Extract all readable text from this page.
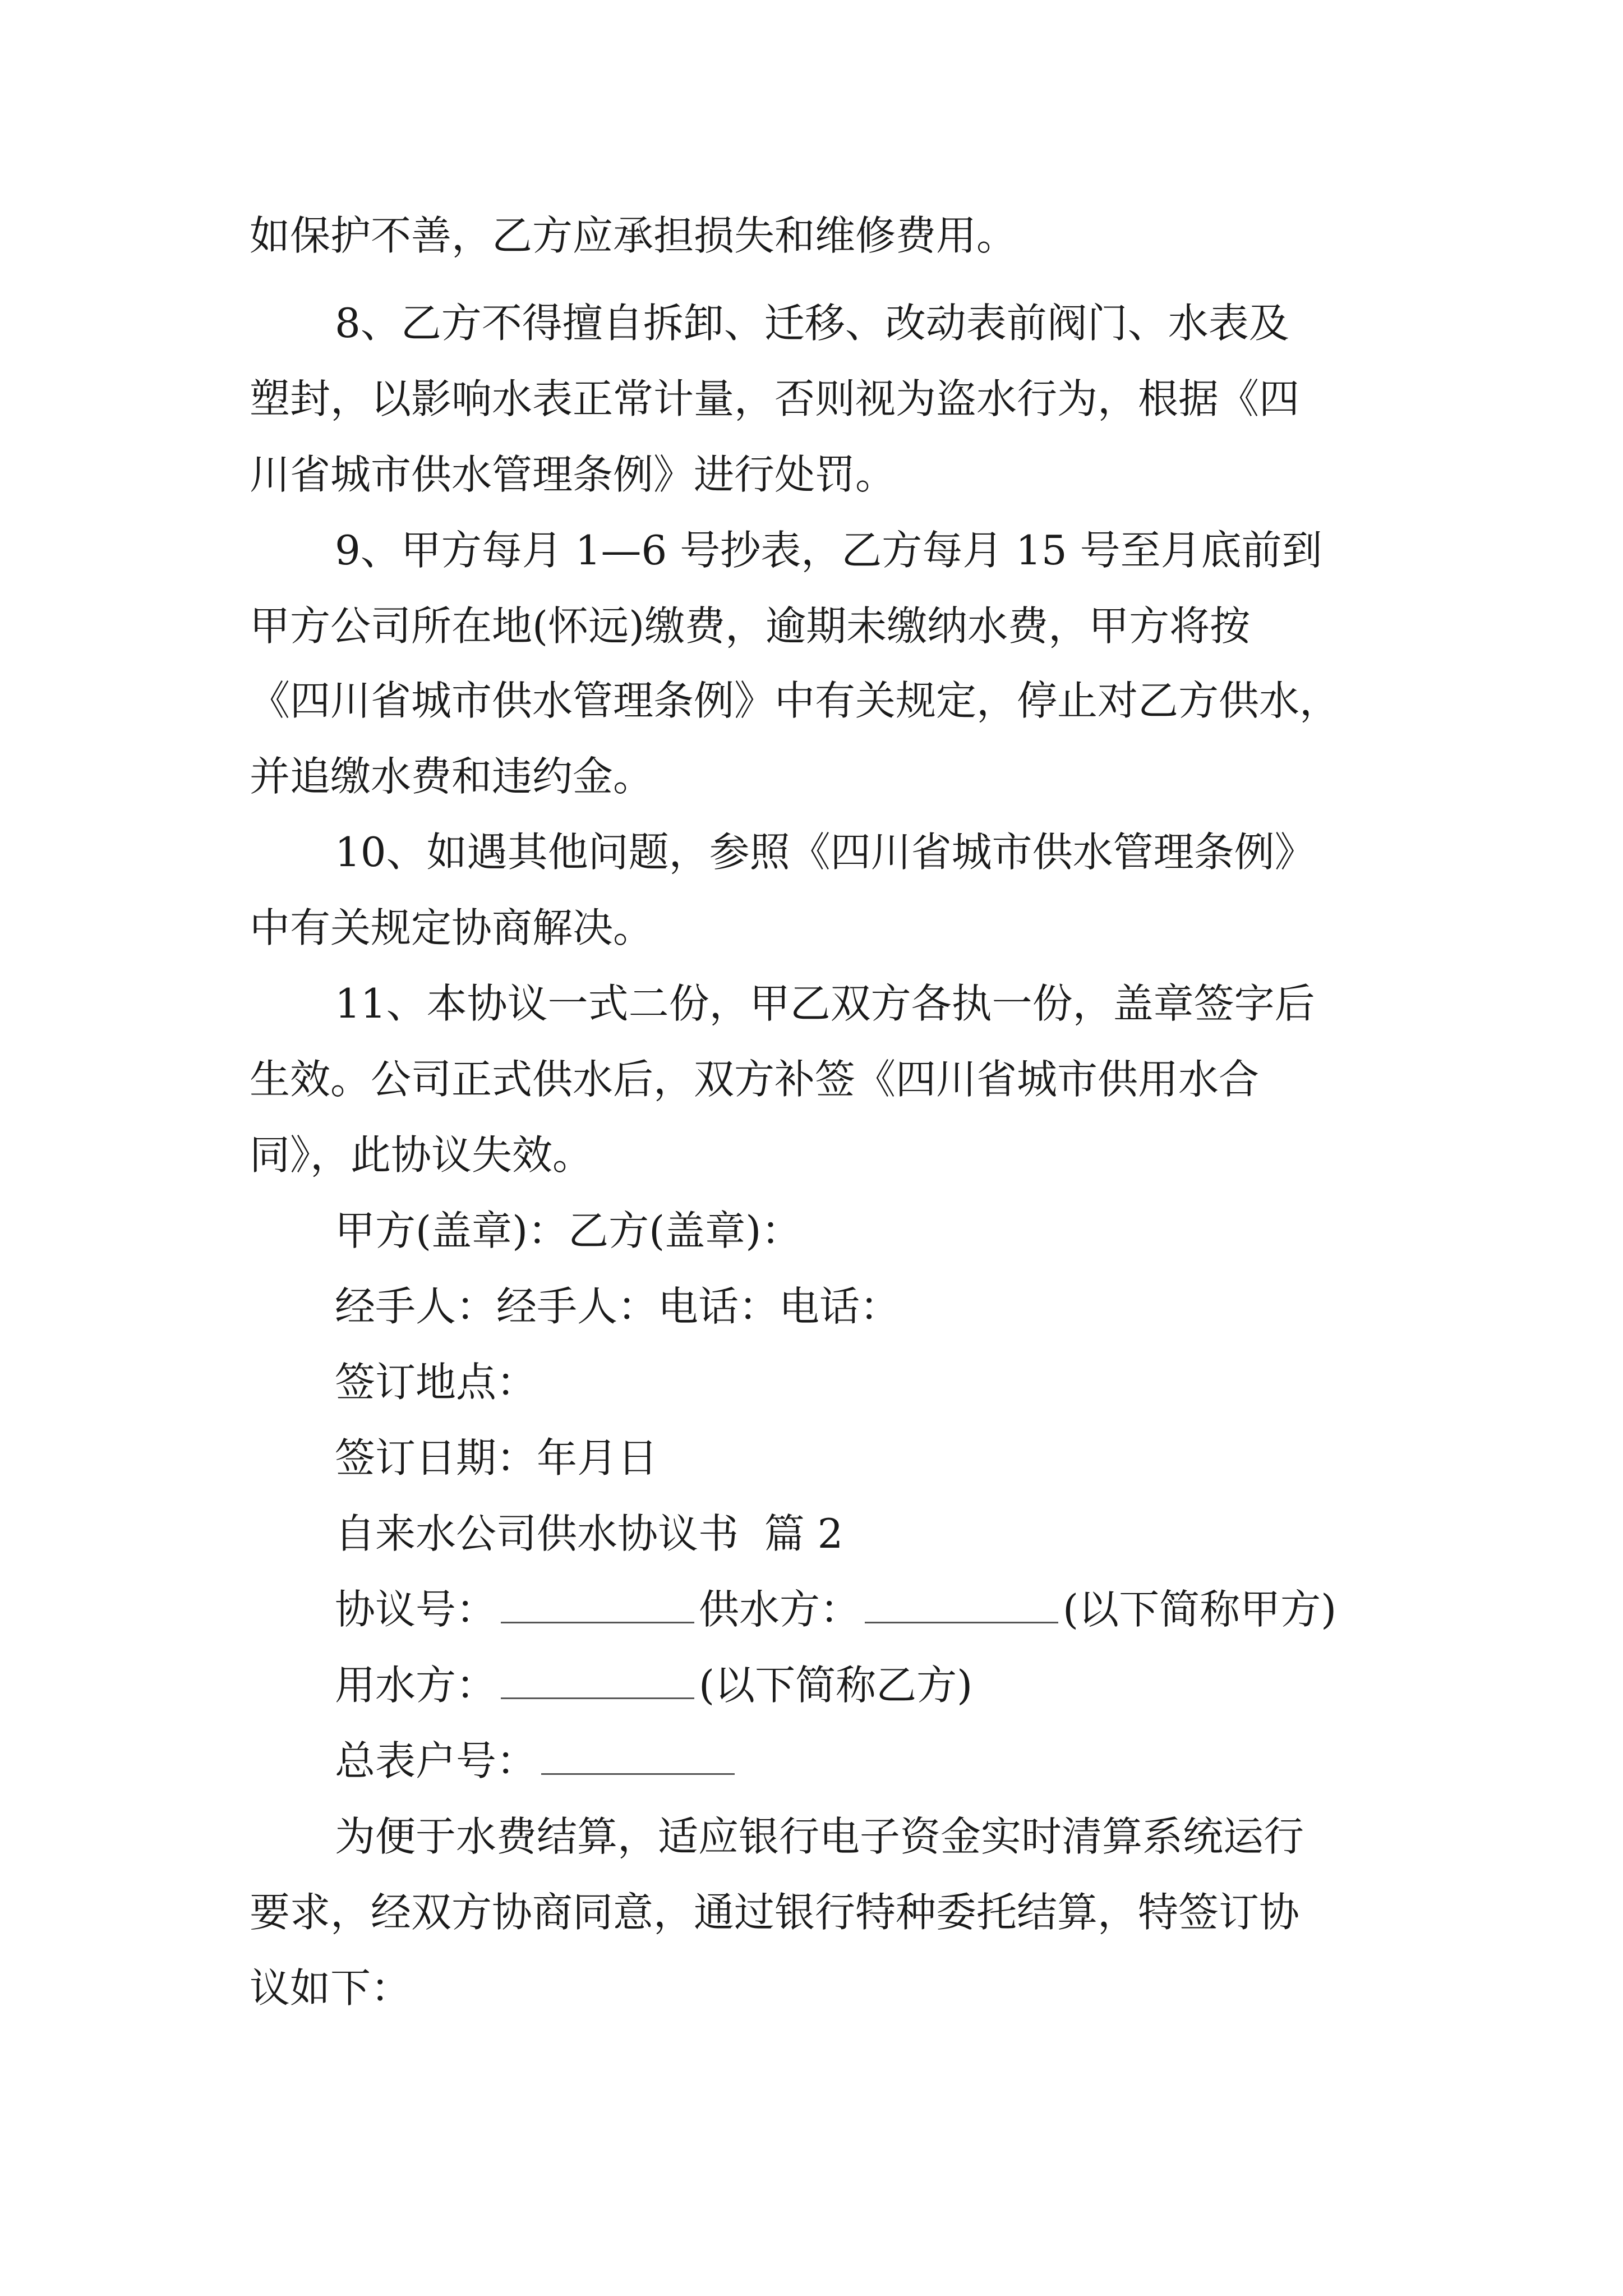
如保护不善，乙方应承担损失和维修费用。
8、乙方不得擅自拆卸、迁移、改动表前阀门、水表及
塑封，以影响水表正常计量，否则视为盗水行为，根据《四
川省城市供水管理条例》进行处罚。
9、甲方每月 1—6 号抄表，乙方每月 15 号至月底前到
甲方公司所在地(怀远)缴费，逾期未缴纳水费，甲方将按
《四川省城市供水管理条例》中有关规定，停止对乙方供水，
并追缴水费和违约金。
10、如遇其他问题，参照《四川省城市供水管理条例》
中有关规定协商解决。
11、本协议一式二份，甲乙双方各执一份，盖章签字后
生效。公司正式供水后，双方补签《四川省城市供用水合
同》，此协议失效。
甲方(盖章)：乙方(盖章)：
经手人：经手人：电话：电话：
签订地点：
签订日期：年月日
自来水公司供水协议书  篇 2
协议号：	供水方：	(以下简称甲方)
用水方：	(以下简称乙方)
总表户号：
为便于水费结算，适应银行电子资金实时清算系统运行
要求，经双方协商同意，通过银行特种委托结算，特签订协
议如下：
